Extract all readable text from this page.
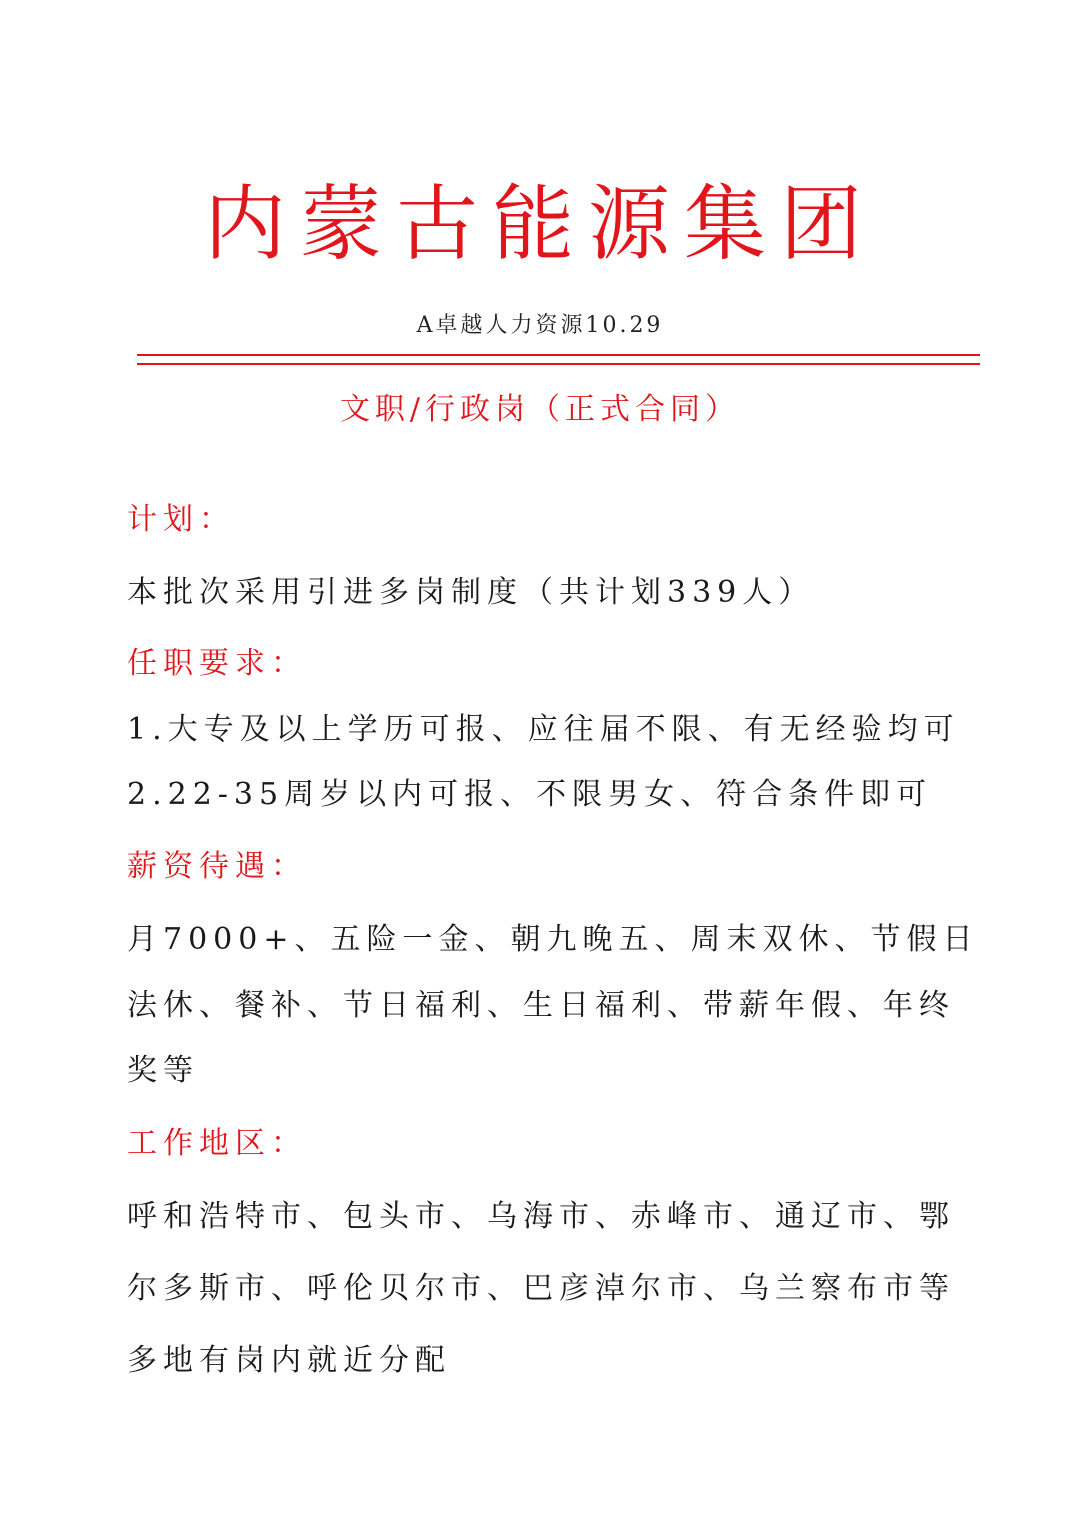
内蒙古能源集团
A卓越人力资源10.29
文职/行政岗（正式合同）
计划：
本批次采用引进多岗制度（共计划339人）
任职要求：
1.大专及以上学历可报、应往届不限、有无经验均可
2.22-35周岁以内可报、不限男女、符合条件即可
薪资待遇：
月7000+、五险一金、朝九晚五、周末双休、节假日
法休、餐补、节日福利、生日福利、带薪年假、年终
奖等
工作地区：
呼和浩特市、包头市、乌海市、赤峰市、通辽市、鄂
尔多斯市、呼伦贝尔市、巴彦淖尔市、乌兰察布市等
多地有岗内就近分配
